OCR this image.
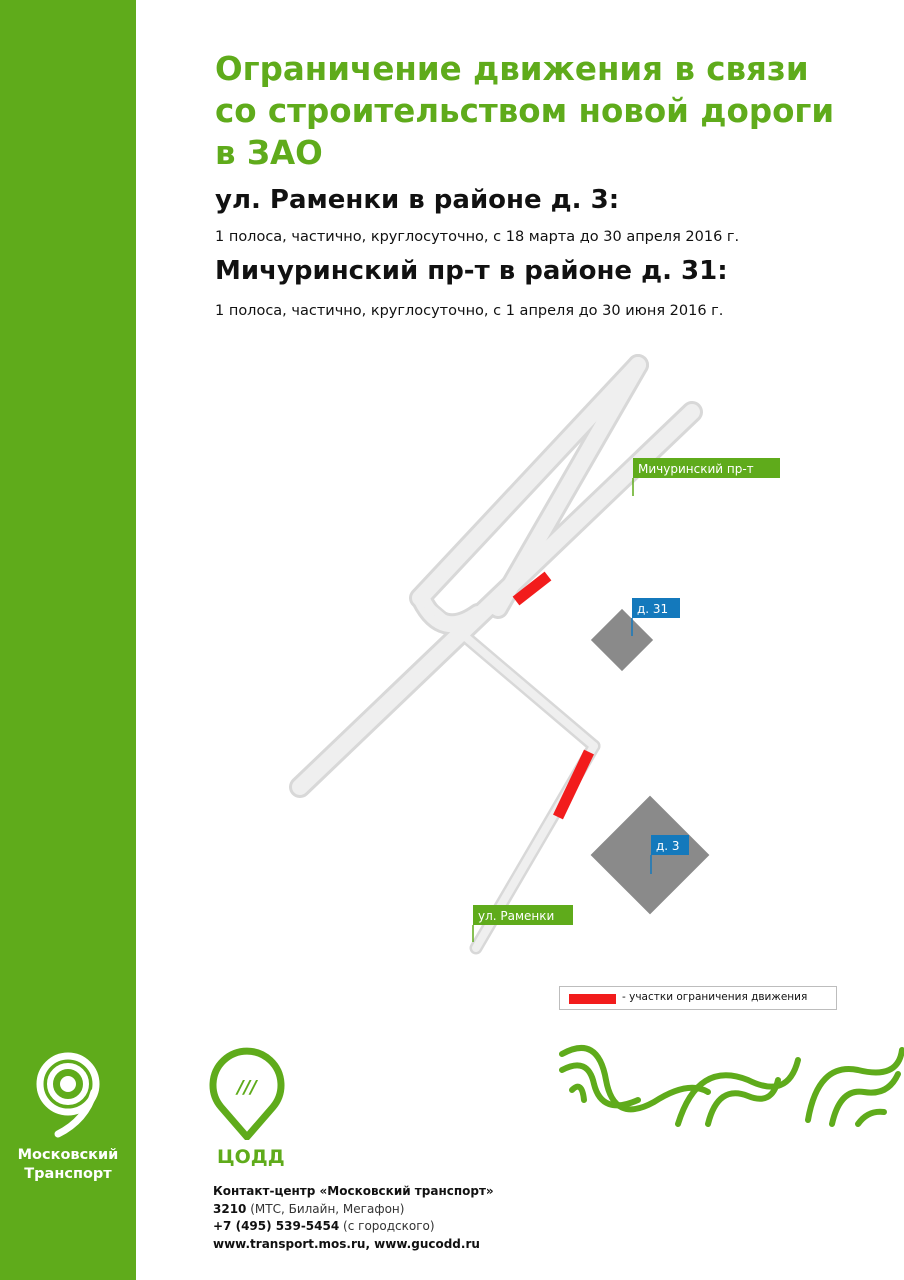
Московский
Транспорт
Ограничение движения в связи со строительством новой дороги в ЗАО
ул. Раменки в районе д. 3:

1 полоса, частично, круглосуточно, с 18 марта до 30 апреля 2016 г.

Мичуринский пр-т в районе д. 31:

1 полоса, частично, круглосуточно, с 1 апреля до 30 июня 2016 г.

Мичуринский пр-т
д. 31
д. 3
ул. Раменки
- участки ограничения движения
///
ЦОДД
Контакт-центр «Московский транспорт»
3210 (МТС, Билайн, Мегафон)
+7 (495) 539-5454 (с городского)
www.transport.mos.ru, www.gucodd.ru
